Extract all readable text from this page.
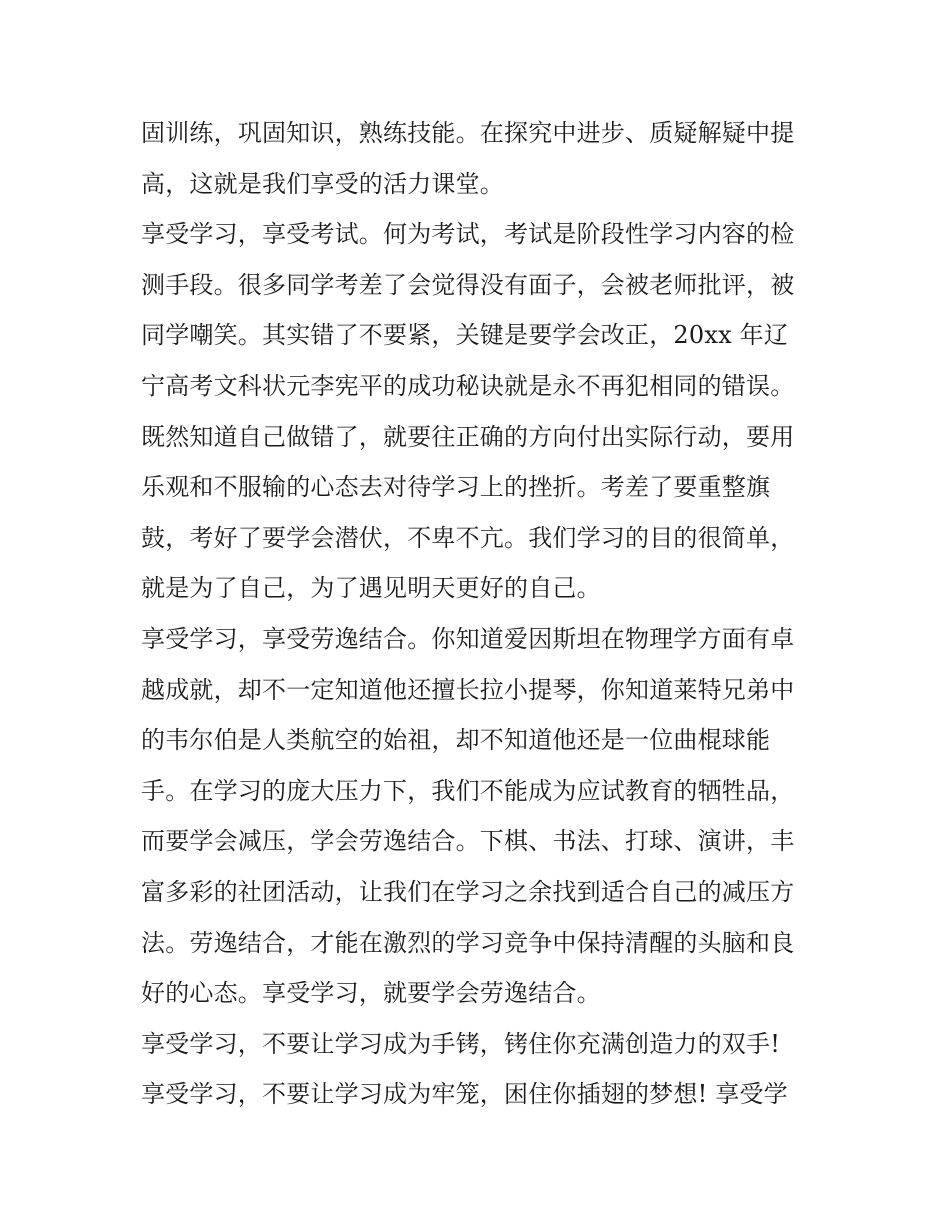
固训练，巩固知识，熟练技能。在探究中进步、质疑解疑中提
高，这就是我们享受的活力课堂。
享受学习，享受考试。何为考试，考试是阶段性学习内容的检
测手段。很多同学考差了会觉得没有面子，会被老师批评，被
同学嘲笑。其实错了不要紧，关键是要学会改正，20xx 年辽
宁高考文科状元李宪平的成功秘诀就是永不再犯相同的错误。
既然知道自己做错了，就要往正确的方向付出实际行动，要用
乐观和不服输的心态去对待学习上的挫折。考差了要重整旗
鼓，考好了要学会潜伏，不卑不亢。我们学习的目的很简单，
就是为了自己，为了遇见明天更好的自己。
享受学习，享受劳逸结合。你知道爱因斯坦在物理学方面有卓
越成就，却不一定知道他还擅长拉小提琴，你知道莱特兄弟中
的韦尔伯是人类航空的始祖，却不知道他还是一位曲棍球能
手。在学习的庞大压力下，我们不能成为应试教育的牺牲品，
而要学会减压，学会劳逸结合。下棋、书法、打球、演讲，丰
富多彩的社团活动，让我们在学习之余找到适合自己的减压方
法。劳逸结合，才能在激烈的学习竞争中保持清醒的头脑和良
好的心态。享受学习，就要学会劳逸结合。
享受学习，不要让学习成为手铐，铐住你充满创造力的双手!
享受学习，不要让学习成为牢笼，困住你插翅的梦想! 享受学
